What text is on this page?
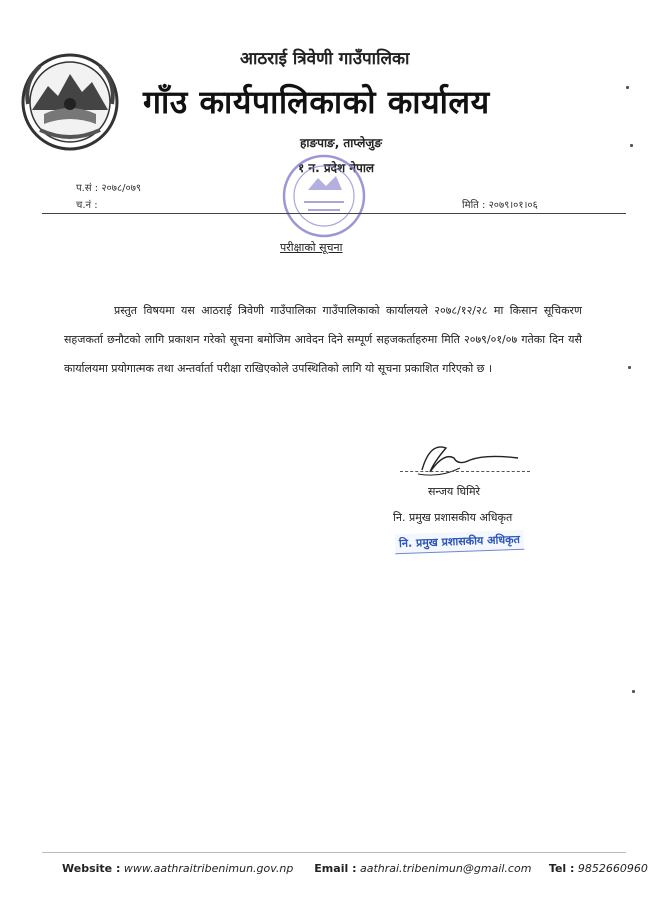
आठराई त्रिवेणी गाउँपालिका
गाँउ कार्यपालिकाको कार्यालय
हाङपाङ, ताप्लेजुङ
१ न. प्रदेश नेपाल
प.सं : २०७८/०७९
च.नं :	मिति : २०७९।०१।०६
परीक्षाको सूचना

प्रस्तुत विषयमा यस आठराई त्रिवेणी गाउँपालिका गाउँपालिकाको कार्यालयले २०७८/१२/२८ मा किसान सूचिकरण सहजकर्ता छनौटको लागि प्रकाशन गरेको सूचना बमोजिम आवेदन दिने सम्पूर्ण सहजकर्ताहरुमा मिति २०७९/०१/०७ गतेका दिन यसै कार्यालयमा प्रयोगात्मक तथा अन्तर्वार्ता परीक्षा राखिएकोले उपस्थितिको लागि यो सूचना प्रकाशित गरिएको छ ।

सन्जय घिमिरे
नि. प्रमुख प्रशासकीय अधिकृत
नि. प्रमुख प्रशासकीय अधिकृत
Website : www.aathraitribenimun.gov.np Email : aathrai.tribenimun@gmail.com Tel : 9852660960
